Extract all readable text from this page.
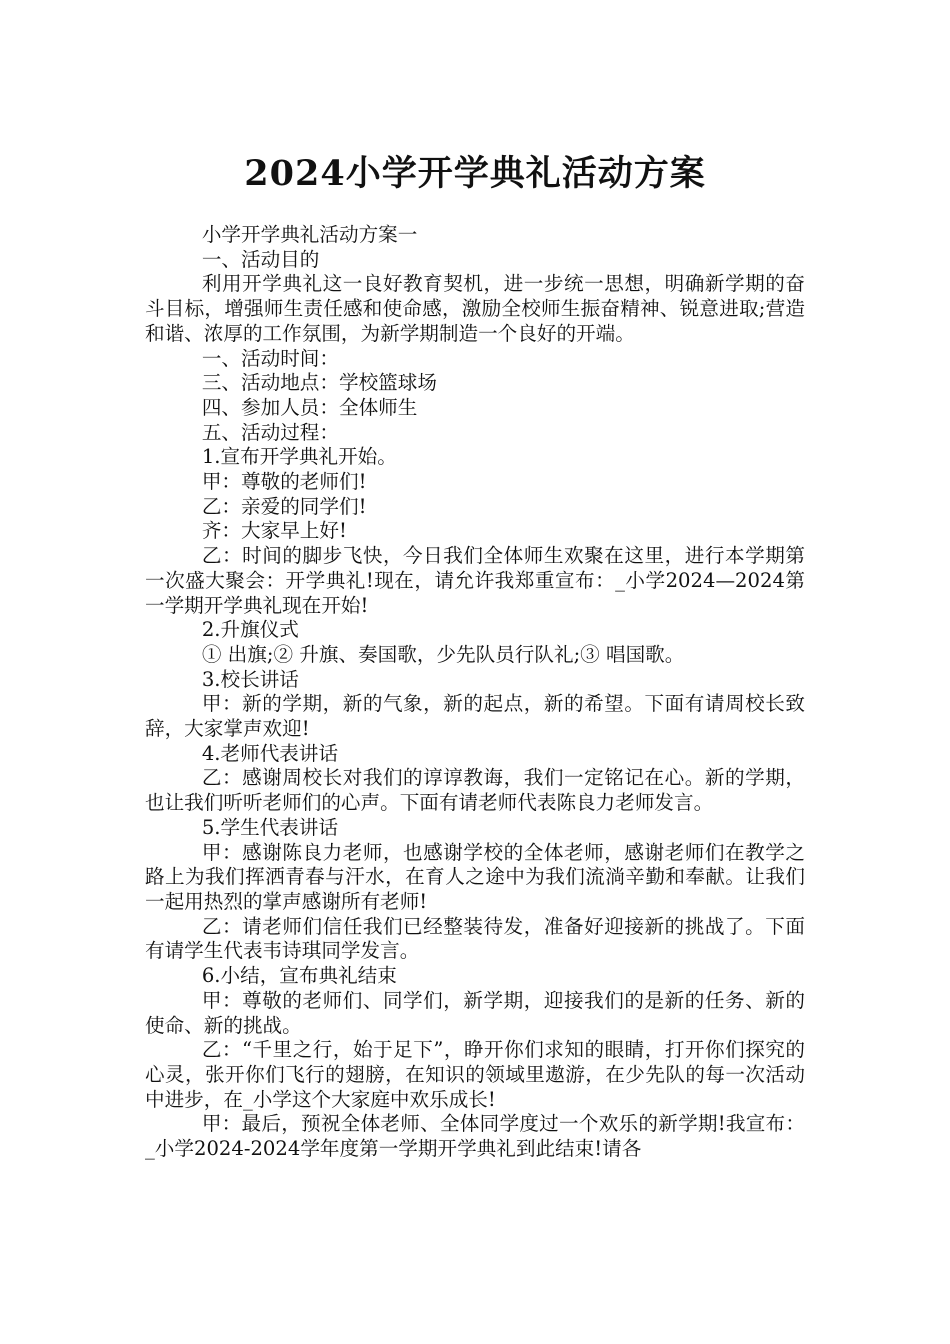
2024小学开学典礼活动方案

小学开学典礼活动方案一

一、活动目的

利用开学典礼这一良好教育契机，进一步统一思想，明确新学期的奋斗目标，增强师生责任感和使命感，激励全校师生振奋精神、锐意进取;营造和谐、浓厚的工作氛围，为新学期制造一个良好的开端。

一、活动时间：

三、活动地点：学校篮球场

四、参加人员：全体师生

五、活动过程：

1.宣布开学典礼开始。

甲：尊敬的老师们!

乙：亲爱的同学们!

齐：大家早上好!

乙：时间的脚步飞快，今日我们全体师生欢聚在这里，进行本学期第一次盛大聚会：开学典礼!现在，请允许我郑重宣布：_小学2024—2024第一学期开学典礼现在开始!

2.升旗仪式

① 出旗;② 升旗、奏国歌，少先队员行队礼;③ 唱国歌。

3.校长讲话

甲：新的学期，新的气象，新的起点，新的希望。下面有请周校长致辞，大家掌声欢迎!

4.老师代表讲话

乙：感谢周校长对我们的谆谆教诲，我们一定铭记在心。新的学期，也让我们听听老师们的心声。下面有请老师代表陈良力老师发言。

5.学生代表讲话

甲：感谢陈良力老师，也感谢学校的全体老师，感谢老师们在教学之路上为我们挥洒青春与汗水，在育人之途中为我们流淌辛勤和奉献。让我们一起用热烈的掌声感谢所有老师!

乙：请老师们信任我们已经整装待发，准备好迎接新的挑战了。下面有请学生代表韦诗琪同学发言。

6.小结，宣布典礼结束

甲：尊敬的老师们、同学们，新学期，迎接我们的是新的任务、新的使命、新的挑战。

乙：“千里之行，始于足下”，睁开你们求知的眼睛，打开你们探究的心灵，张开你们飞行的翅膀，在知识的领域里遨游，在少先队的每一次活动中进步，在_小学这个大家庭中欢乐成长!

甲：最后，预祝全体老师、全体同学度过一个欢乐的新学期!我宣布：_小学2024-2024学年度第一学期开学典礼到此结束!请各
